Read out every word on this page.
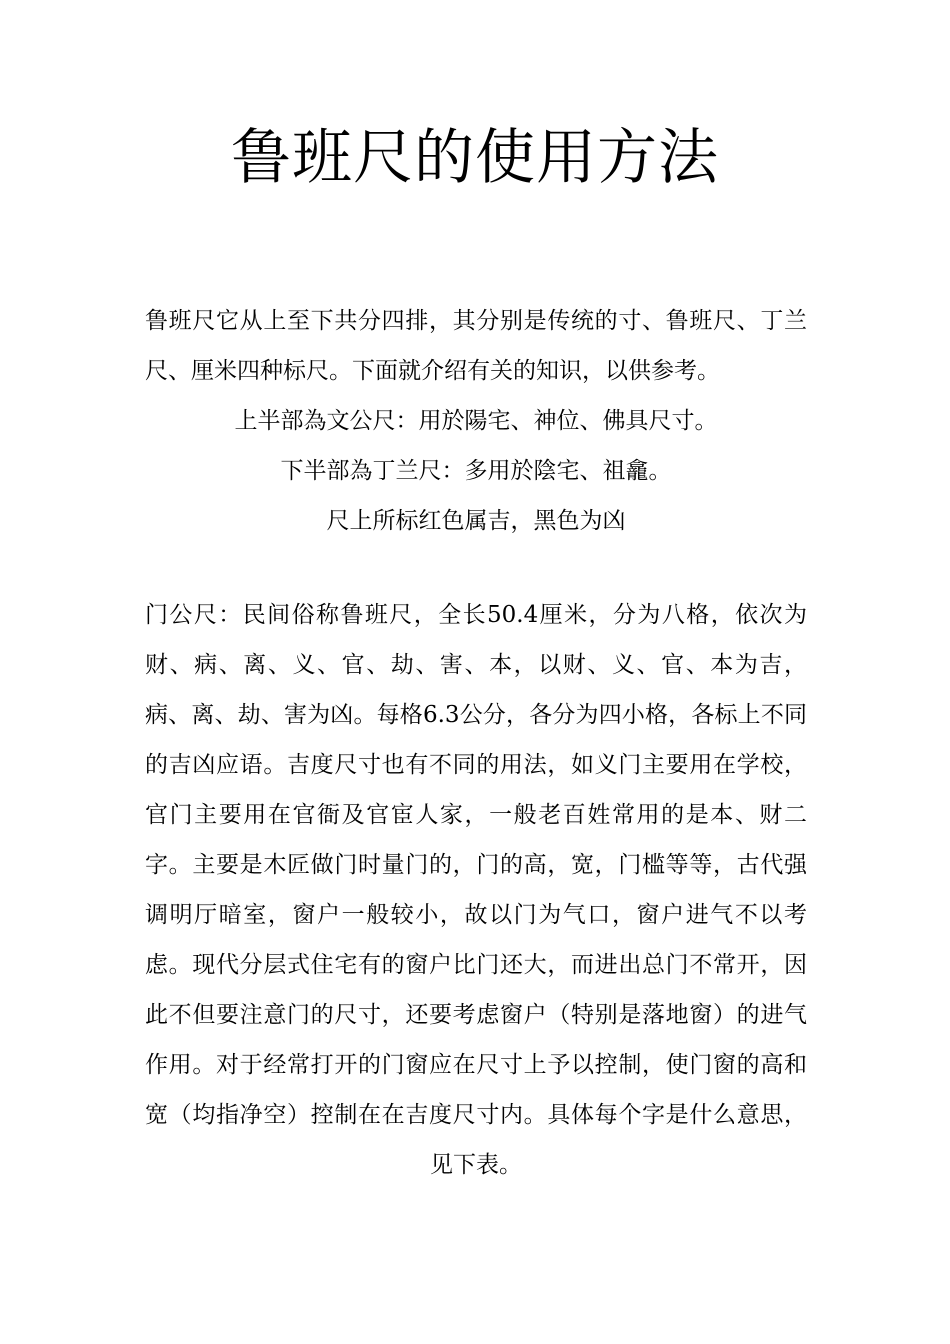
鲁班尺的使用方法

鲁班尺它从上至下共分四排，其分别是传统的寸、鲁班尺、丁兰尺、厘米四种标尺。下面就介绍有关的知识，以供参考。

上半部為文公尺：用於陽宅、神位、佛具尺寸。

下半部為丁兰尺：多用於陰宅、祖龕。

尺上所标红色属吉，黑色为凶

门公尺：民间俗称鲁班尺，全长50.4厘米，分为八格，依次为财、病、离、义、官、劫、害、本，以财、义、官、本为吉，病、离、劫、害为凶。每格6.3公分，各分为四小格，各标上不同的吉凶应语。吉度尺寸也有不同的用法，如义门主要用在学校，官门主要用在官衙及官宦人家，一般老百姓常用的是本、财二字。主要是木匠做门时量门的，门的高，宽，门槛等等，古代强调明厅暗室，窗户一般较小，故以门为气口，窗户进气不以考虑。现代分层式住宅有的窗户比门还大，而进出总门不常开，因此不但要注意门的尺寸，还要考虑窗户（特别是落地窗）的进气作用。对于经常打开的门窗应在尺寸上予以控制，使门窗的高和宽（均指净空）控制在在吉度尺寸内。具体每个字是什么意思，见下表。
